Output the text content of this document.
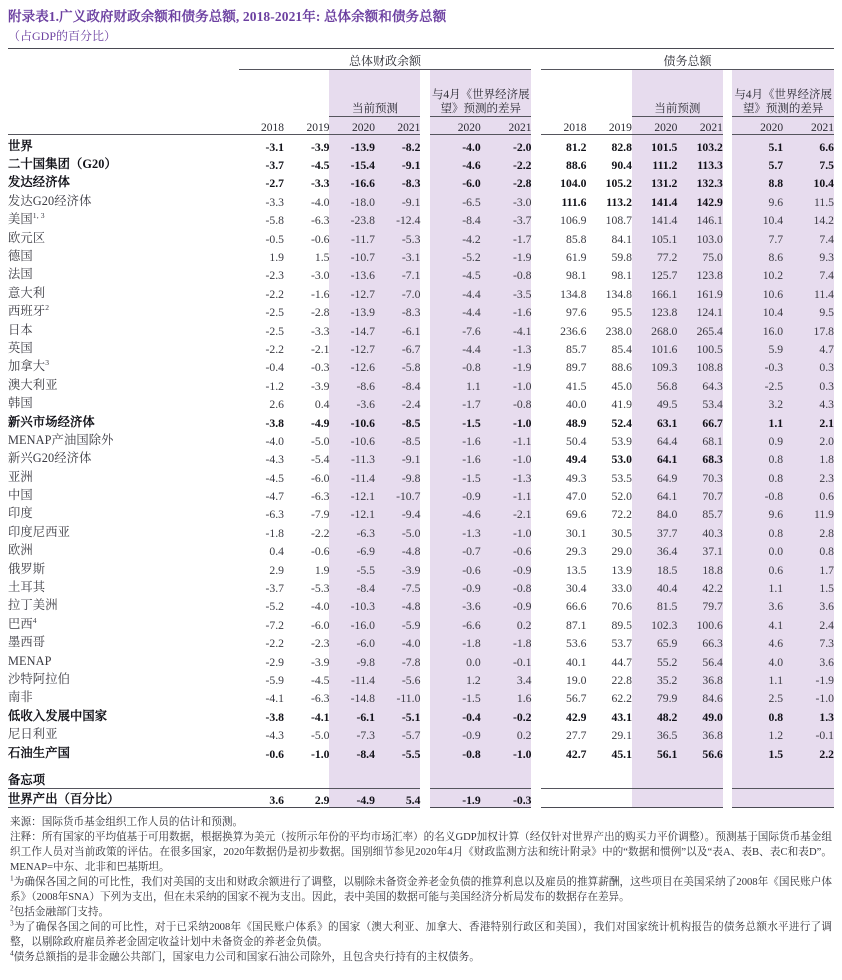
附录表1.广义政府财政余额和债务总额, 2018-2021年: 总体余额和债务总额
（占GDP的百分比）

	总体财政余额								债务总额						
			当前预测			与4月《世界经济展望》预测的差异					当前预测			与4月《世界经济展望》预测的差异	
	2018	2019	2020	2021		2020	2021		2018	2019	2020	2021		2020	2021
世界	-3.1	-3.9	-13.9	-8.2		-4.0	-2.0		81.2	82.8	101.5	103.2		5.1	6.6
二十国集团（G20）	-3.7	-4.5	-15.4	-9.1		-4.6	-2.2		88.6	90.4	111.2	113.3		5.7	7.5
发达经济体	-2.7	-3.3	-16.6	-8.3		-6.0	-2.8		104.0	105.2	131.2	132.3		8.8	10.4
发达G20经济体	-3.3	-4.0	-18.0	-9.1		-6.5	-3.0		111.6	113.2	141.4	142.9		9.6	11.5
美国$^{1, 3}$	-5.8	-6.3	-23.8	-12.4		-8.4	-3.7		106.9	108.7	141.4	146.1		10.4	14.2
欧元区	-0.5	-0.6	-11.7	-5.3		-4.2	-1.7		85.8	84.1	105.1	103.0		7.7	7.4
德国	1.9	1.5	-10.7	-3.1		-5.2	-1.9		61.9	59.8	77.2	75.0		8.6	9.3
法国	-2.3	-3.0	-13.6	-7.1		-4.5	-0.8		98.1	98.1	125.7	123.8		10.2	7.4
意大利	-2.2	-1.6	-12.7	-7.0		-4.4	-3.5		134.8	134.8	166.1	161.9		10.6	11.4
西班牙$^2$	-2.5	-2.8	-13.9	-8.3		-4.4	-1.6		97.6	95.5	123.8	124.1		10.4	9.5
日本	-2.5	-3.3	-14.7	-6.1		-7.6	-4.1		236.6	238.0	268.0	265.4		16.0	17.8
英国	-2.2	-2.1	-12.7	-6.7		-4.4	-1.3		85.7	85.4	101.6	100.5		5.9	4.7
加拿大$^3$	-0.4	-0.3	-12.6	-5.8		-0.8	-1.9		89.7	88.6	109.3	108.8		-0.3	0.3
澳大利亚	-1.2	-3.9	-8.6	-8.4		1.1	-1.0		41.5	45.0	56.8	64.3		-2.5	0.3
韩国	2.6	0.4	-3.6	-2.4		-1.7	-0.8		40.0	41.9	49.5	53.4		3.2	4.3
新兴市场经济体	-3.8	-4.9	-10.6	-8.5		-1.5	-1.0		48.9	52.4	63.1	66.7		1.1	2.1
MENAP产油国除外	-4.0	-5.0	-10.6	-8.5		-1.6	-1.1		50.4	53.9	64.4	68.1		0.9	2.0
新兴G20经济体	-4.3	-5.4	-11.3	-9.1		-1.6	-1.0		49.4	53.0	64.1	68.3		0.8	1.8
亚洲	-4.5	-6.0	-11.4	-9.8		-1.5	-1.3		49.3	53.5	64.9	70.3		0.8	2.3
中国	-4.7	-6.3	-12.1	-10.7		-0.9	-1.1		47.0	52.0	64.1	70.7		-0.8	0.6
印度	-6.3	-7.9	-12.1	-9.4		-4.6	-2.1		69.6	72.2	84.0	85.7		9.6	11.9
印度尼西亚	-1.8	-2.2	-6.3	-5.0		-1.3	-1.0		30.1	30.5	37.7	40.3		0.8	2.8
欧洲	0.4	-0.6	-6.9	-4.8		-0.7	-0.6		29.3	29.0	36.4	37.1		0.0	0.8
俄罗斯	2.9	1.9	-5.5	-3.9		-0.6	-0.9		13.5	13.9	18.5	18.8		0.6	1.7
土耳其	-3.7	-5.3	-8.4	-7.5		-0.9	-0.8		30.4	33.0	40.4	42.2		1.1	1.5
拉丁美洲	-5.2	-4.0	-10.3	-4.8		-3.6	-0.9		66.6	70.6	81.5	79.7		3.6	3.6
巴西$^4$	-7.2	-6.0	-16.0	-5.9		-6.6	0.2		87.1	89.5	102.3	100.6		4.1	2.4
墨西哥	-2.2	-2.3	-6.0	-4.0		-1.8	-1.8		53.6	53.7	65.9	66.3		4.6	7.3
MENAP	-2.9	-3.9	-9.8	-7.8		0.0	-0.1		40.1	44.7	55.2	56.4		4.0	3.6
沙特阿拉伯	-5.9	-4.5	-11.4	-5.6		1.2	3.4		19.0	22.8	35.2	36.8		1.1	-1.9
南非	-4.1	-6.3	-14.8	-11.0		-1.5	1.6		56.7	62.2	79.9	84.6		2.5	-1.0
低收入发展中国家	-3.8	-4.1	-6.1	-5.1		-0.4	-0.2		42.9	43.1	48.2	49.0		0.8	1.3
尼日利亚	-4.3	-5.0	-7.3	-5.7		-0.9	0.2		27.7	29.1	36.5	36.8		1.2	-0.1
石油生产国	-0.6	-1.0	-8.4	-5.5		-0.8	-1.0		42.7	45.1	56.1	56.6		1.5	2.2

备忘项															
世界产出（百分比）	3.6	2.9	-4.9	5.4		-1.9	-0.3								

来源：国际货币基金组织工作人员的估计和预测。

注释：所有国家的平均值基于可用数据，根据换算为美元（按所示年份的平均市场汇率）的名义GDP加权计算（经仅针对世界产出的购买力平价调整）。预测基于国际货币基金组织工作人员对当前政策的评估。在很多国家，2020年数据仍是初步数据。国别细节参见2020年4月《财政监测方法和统计附录》中的“数据和惯例”以及“表A、表B、表C和表D”。MENAP=中东、北非和巴基斯坦。

$^1$为确保各国之间的可比性，我们对美国的支出和财政余额进行了调整，以剔除未备资金养老金负债的推算利息以及雇员的推算薪酬，这些项目在美国采纳了2008年《国民账户体系》（2008年SNA）下列为支出，但在未采纳的国家不视为支出。因此，表中美国的数据可能与美国经济分析局发布的数据存在差异。

$^2$包括金融部门支持。

$^3$为了确保各国之间的可比性，对于已采纳2008年《国民账户体系》的国家（澳大利亚、加拿大、香港特别行政区和美国），我们对国家统计机构报告的债务总额水平进行了调整，以剔除政府雇员养老金固定收益计划中未备资金的养老金负债。

$^4$债务总额指的是非金融公共部门，国家电力公司和国家石油公司除外，且包含央行持有的主权债务。
